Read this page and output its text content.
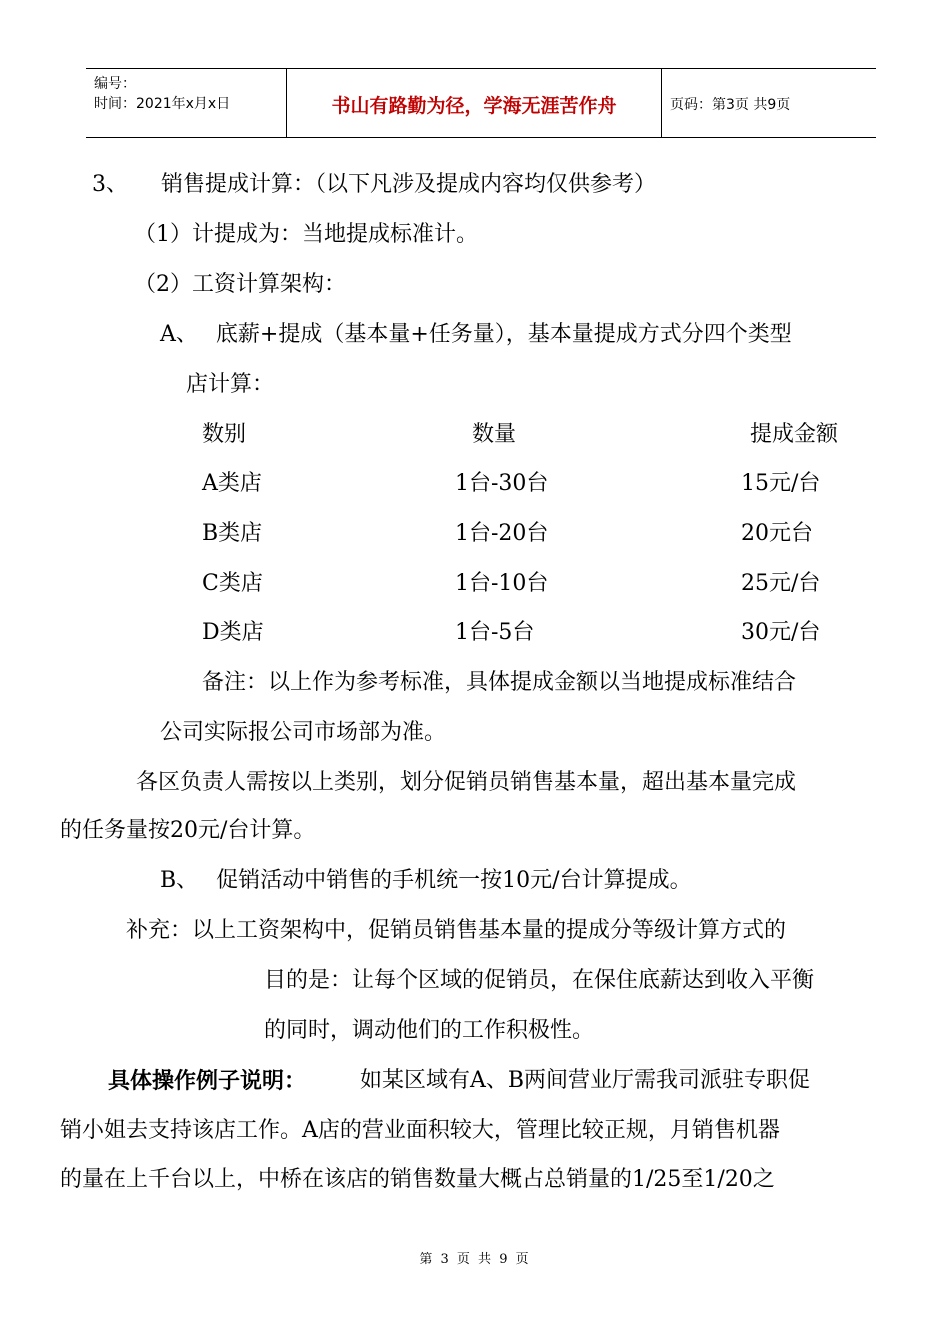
编号：
时间：2021年x月x日	书山有路勤为径，学海无涯苦作舟	页码：第3页 共9页
3、　　销售提成计算：（以下凡涉及提成内容均仅供参考）
（1）计提成为：当地提成标准计。
（2）工资计算架构：
A、　 底薪+提成（基本量+任务量），基本量提成方式分四个类型
店计算：
数别	数量	提成金额
A类店	1台-30台	15元/台
B类店	1台-20台	20元台
C类店	1台-10台	25元/台
D类店	1台-5台	30元/台
备注：以上作为参考标准，具体提成金额以当地提成标准结合
公司实际报公司市场部为准。
各区负责人需按以上类别，划分促销员销售基本量，超出基本量完成
的任务量按20元/台计算。
B、　 促销活动中销售的手机统一按10元/台计算提成。
补充：以上工资架构中，促销员销售基本量的提成分等级计算方式的
目的是：让每个区域的促销员，在保住底薪达到收入平衡
的同时，调动他们的工作积极性。
具体操作例子说明： 如某区域有A、B两间营业厅需我司派驻专职促
销小姐去支持该店工作。A店的营业面积较大，管理比较正规，月销售机器
的量在上千台以上，中桥在该店的销售数量大概占总销量的1/25至1/20之
第 3 页 共 9 页
